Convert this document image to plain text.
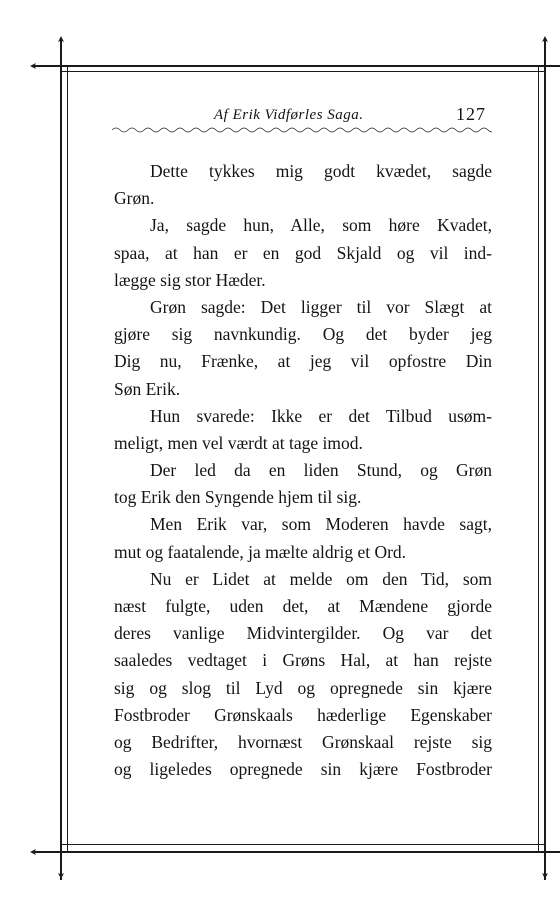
Af Erik Vidførles Saga.	127
Dette tykkes mig godt kvædet, sagde
Grøn.
Ja, sagde hun, Alle, som høre Kvadet,
spaa, at han er en god Skjald og vil ind-
lægge sig stor Hæder.
Grøn sagde: Det ligger til vor Slægt at
gjøre sig navnkundig. Og det byder jeg
Dig nu, Frænke, at jeg vil opfostre Din
Søn Erik.
Hun svarede: Ikke er det Tilbud usøm-
meligt, men vel værdt at tage imod.
Der led da en liden Stund, og Grøn
tog Erik den Syngende hjem til sig.
Men Erik var, som Moderen havde sagt,
mut og faatalende, ja mælte aldrig et Ord.
Nu er Lidet at melde om den Tid, som
næst fulgte, uden det, at Mændene gjorde
deres vanlige Midvintergilder. Og var det
saaledes vedtaget i Grøns Hal, at han rejste
sig og slog til Lyd og opregnede sin kjære
Fostbroder Grønskaals hæderlige Egenskaber
og Bedrifter, hvornæst Grønskaal rejste sig
og ligeledes opregnede sin kjære Fostbroder
